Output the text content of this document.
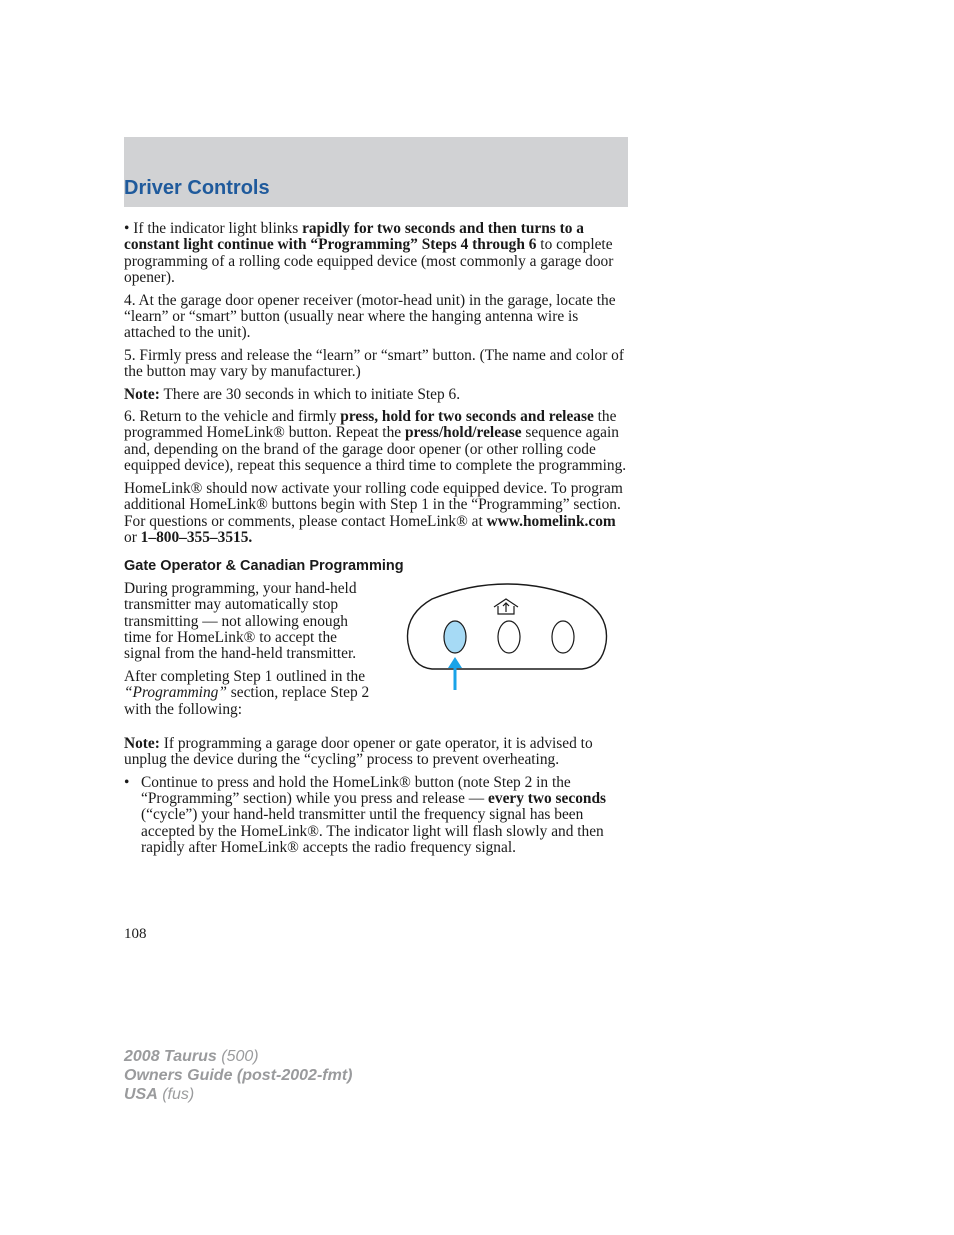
Driver Controls

• If the indicator light blinks rapidly for two seconds and then turns to a constant light continue with “Programming” Steps 4 through 6 to complete programming of a rolling code equipped device (most commonly a garage door opener).

4. At the garage door opener receiver (motor-head unit) in the garage, locate the “learn” or “smart” button (usually near where the hanging antenna wire is attached to the unit).

5. Firmly press and release the “learn” or “smart” button. (The name and color of the button may vary by manufacturer.)

Note: There are 30 seconds in which to initiate Step 6.

6. Return to the vehicle and firmly press, hold for two seconds and release the programmed HomeLink® button. Repeat the press/hold/release sequence again and, depending on the brand of the garage door opener (or other rolling code equipped device), repeat this sequence a third time to complete the programming.

HomeLink® should now activate your rolling code equipped device. To program additional HomeLink® buttons begin with Step 1 in the “Programming” section. For questions or comments, please contact HomeLink® at www.homelink.com or 1–800–355–3515.

Gate Operator & Canadian Programming

During programming, your hand-held transmitter may automatically stop transmitting — not allowing enough time for HomeLink® to accept the signal from the hand-held transmitter.

After completing Step 1 outlined in the “Programming” section, replace Step 2 with the following:

Note: If programming a garage door opener or gate operator, it is advised to unplug the device during the “cycling” process to prevent overheating.

• Continue to press and hold the HomeLink® button (note Step 2 in the “Programming” section) while you press and release — every two seconds (“cycle”) your hand-held transmitter until the frequency signal has been accepted by the HomeLink®. The indicator light will flash slowly and then rapidly after HomeLink® accepts the radio frequency signal.
108
2008 Taurus (500)
Owners Guide (post-2002-fmt)
USA (fus)
